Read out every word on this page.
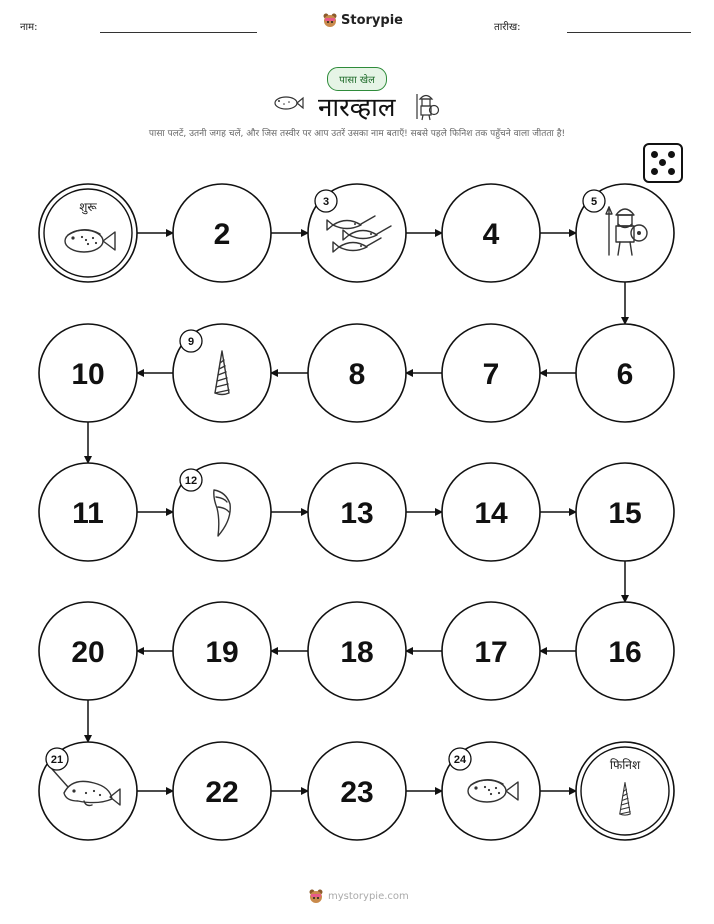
नाम:	Storypie	तारीख:
पासा खेल
नारव्हाल
पासा पलटें, उतनी जगह चलें, और जिस तस्वीर पर आप उतरें उसका नाम बताएँ! सबसे पहले फिनिश तक पहुँचने वाला जीतता है!
शुरू
2
3
4
5
6
7
8
9
10
11
12
13	14	15
16
17
18
19
20
21
22	23
24	फिनिश
mystorypie.com
